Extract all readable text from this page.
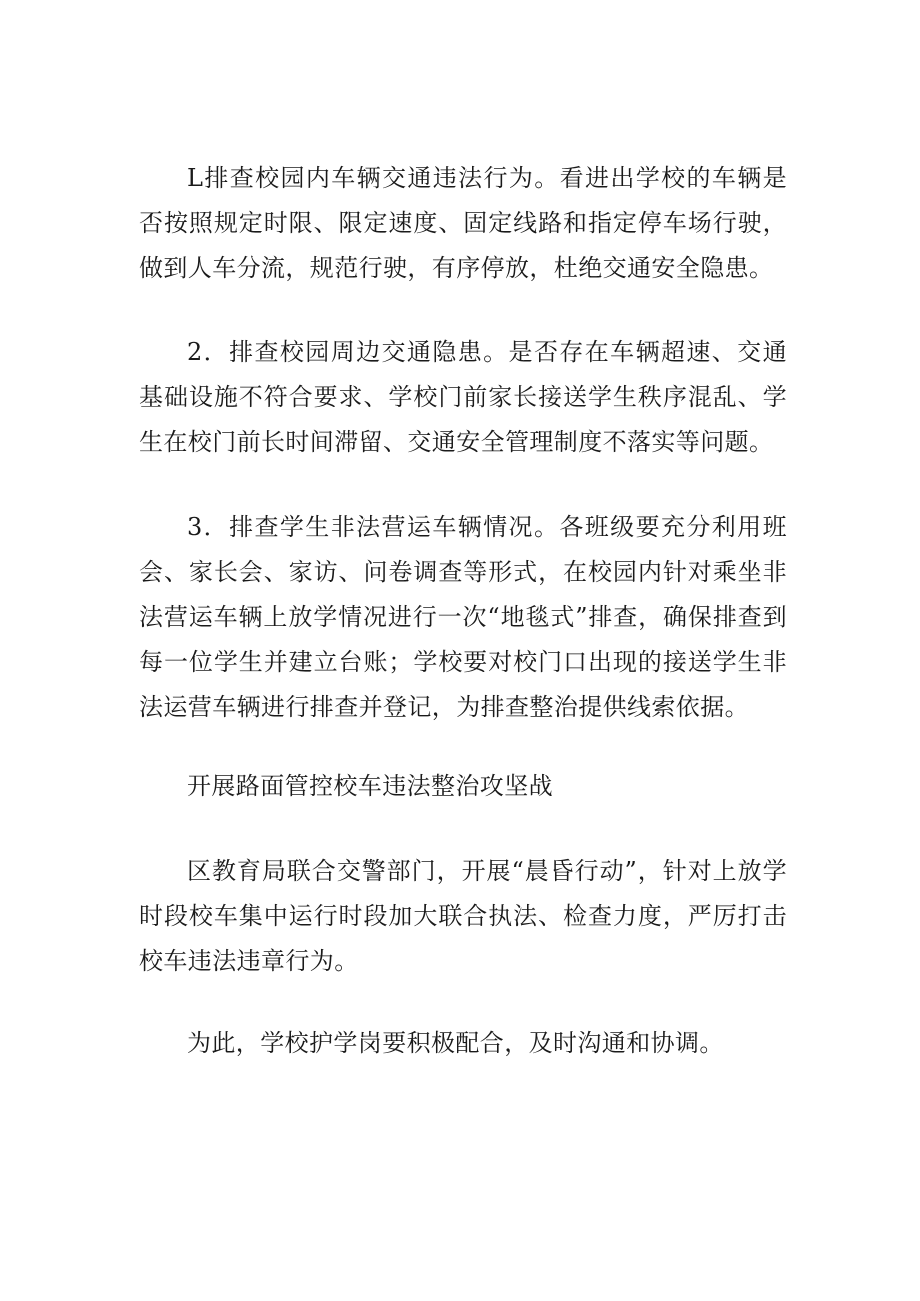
L排查校园内车辆交通违法行为。看进出学校的车辆是否按照规定时限、限定速度、固定线路和指定停车场行驶，做到人车分流，规范行驶，有序停放，杜绝交通安全隐患。

2．排查校园周边交通隐患。是否存在车辆超速、交通基础设施不符合要求、学校门前家长接送学生秩序混乱、学生在校门前长时间滞留、交通安全管理制度不落实等问题。

3．排查学生非法营运车辆情况。各班级要充分利用班会、家长会、家访、问卷调查等形式，在校园内针对乘坐非法营运车辆上放学情况进行一次“地毯式”排查，确保排查到每一位学生并建立台账；学校要对校门口出现的接送学生非法运营车辆进行排查并登记，为排查整治提供线索依据。

开展路面管控校车违法整治攻坚战

区教育局联合交警部门，开展“晨昏行动”，针对上放学时段校车集中运行时段加大联合执法、检查力度，严厉打击校车违法违章行为。

为此，学校护学岗要积极配合，及时沟通和协调。
